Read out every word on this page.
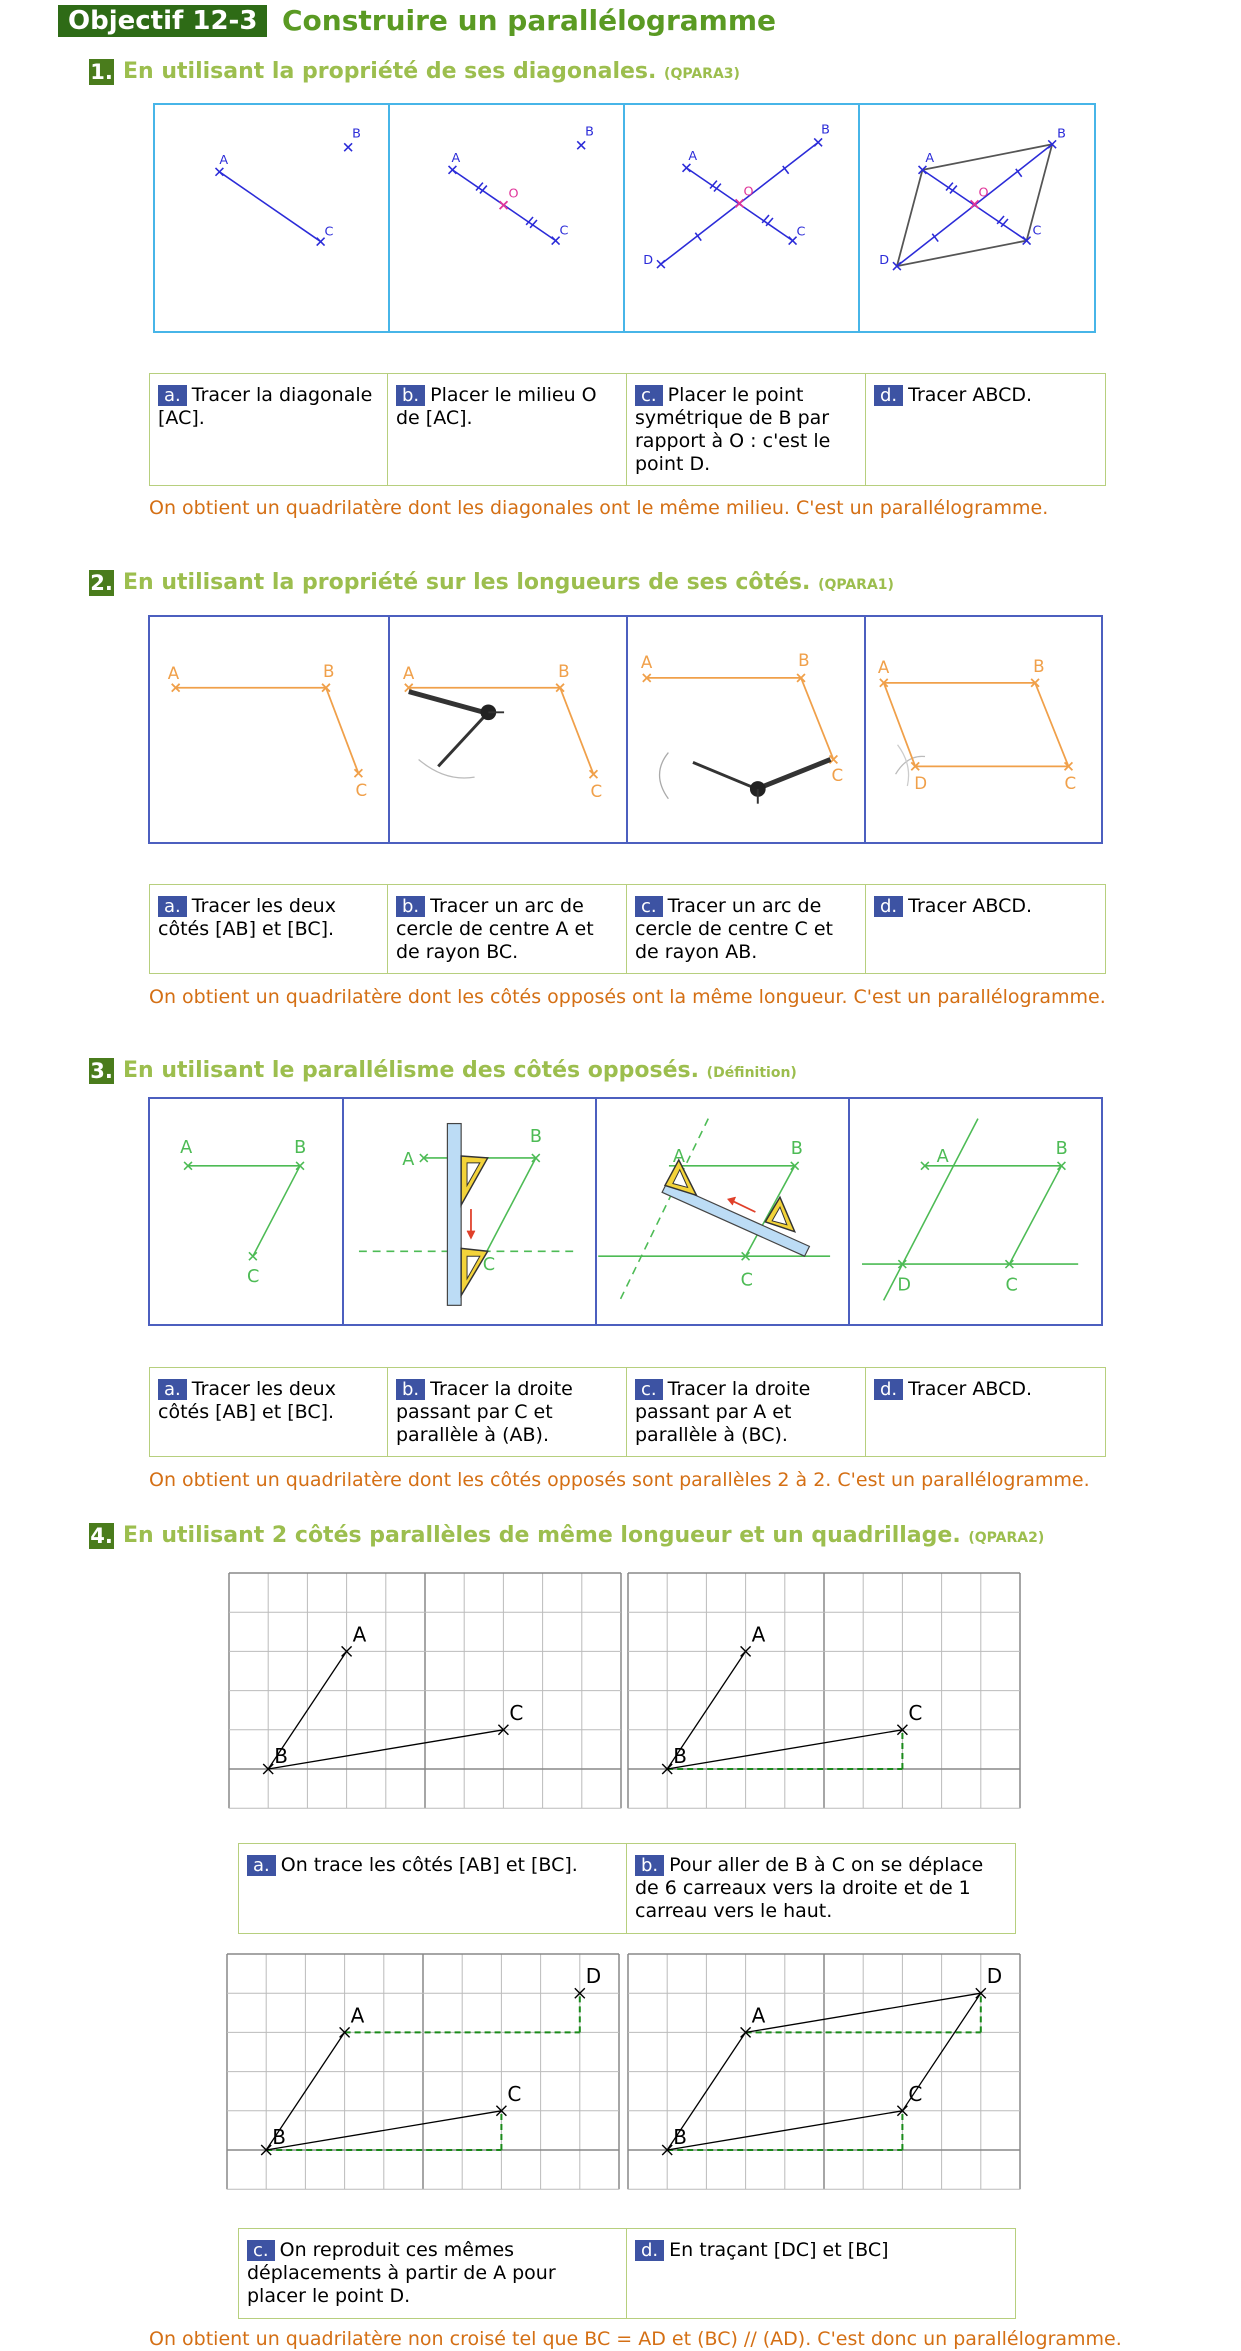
Objectif 12-3 Construire un parallélogramme
1. En utilisant la propriété de ses diagonales. (QPARA3)
A
C
B
A
C
B
O
A
C
B
D
O
A
C
B
D
O
a. Tracer la diagonale [AC].
b. Placer le milieu O de [AC].
c. Placer le point symétrique de B par rapport à O : c'est le point D.
d. Tracer ABCD.
On obtient un quadrilatère dont les diagonales ont le même milieu. C'est un parallélogramme.
2. En utilisant la propriété sur les longueurs de ses côtés. (QPARA1)
A	B
C
A	B
C
A	B
C
A	B
C
D
a. Tracer les deux côtés [AB] et [BC].
b. Tracer un arc de cercle de centre A et de rayon BC.
c. Tracer un arc de cercle de centre C et de rayon AB.
d. Tracer ABCD.
On obtient un quadrilatère dont les côtés opposés ont la même longueur. C'est un parallélogramme.
3. En utilisant le parallélisme des côtés opposés. (Définition)
A	B
C
A
B
C
A	B
C
A	B
C
D
a. Tracer les deux côtés [AB] et [BC].
b. Tracer la droite passant par C et parallèle à (AB).
c. Tracer la droite passant par A et parallèle à (BC).
d. Tracer ABCD.
On obtient un quadrilatère dont les côtés opposés sont parallèles 2 à 2. C'est un parallélogramme.
4. En utilisant 2 côtés parallèles de même longueur et un quadrillage. (QPARA2)
A
B
C
A
B
C
a. On trace les côtés [AB] et [BC].	b. Pour aller de B à C on se déplace de 6 carreaux vers la droite et de 1 carreau vers le haut.
A
B
C
D
A
B
C
D
c. On reproduit ces mêmes déplacements à partir de A pour placer le point D.
d. En traçant [DC] et [BC]
On obtient un quadrilatère non croisé tel que BC = AD et (BC) // (AD). C'est donc un parallélogramme.
